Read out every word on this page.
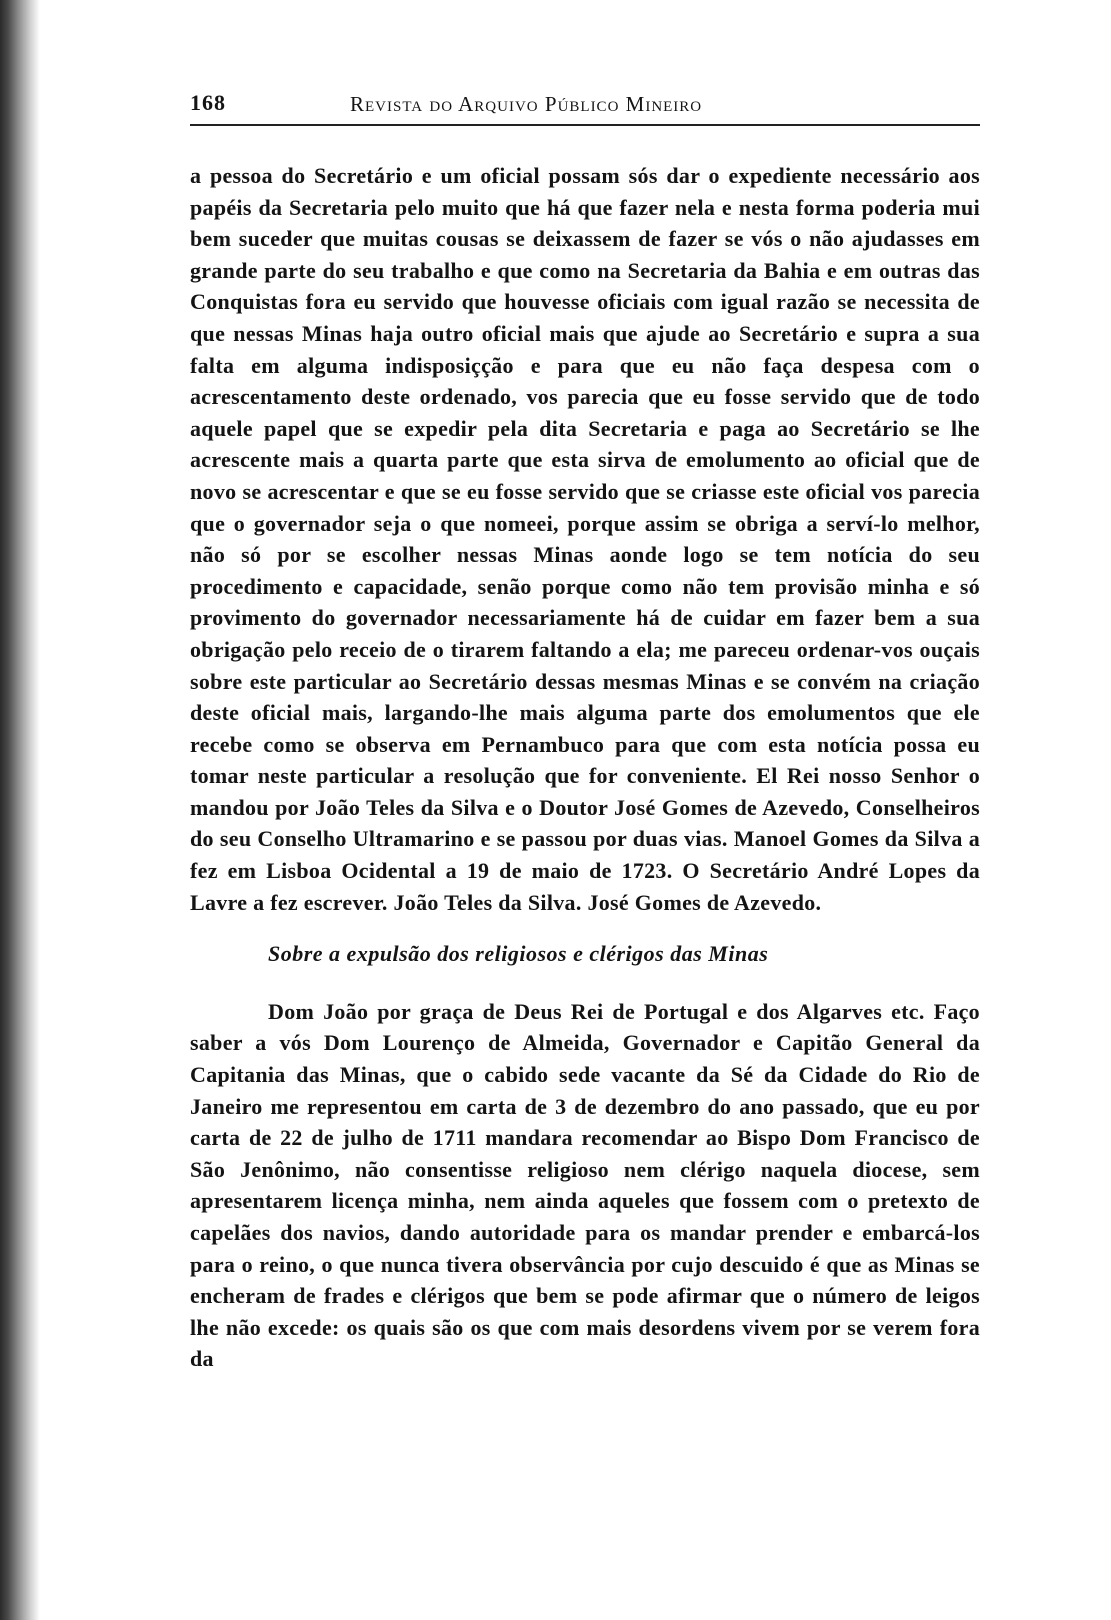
168	Revista do Arquivo Público Mineiro

a pessoa do Secretário e um oficial possam sós dar o expediente necessário aos papéis da Secretaria pelo muito que há que fazer nela e nesta forma poderia mui bem suceder que muitas cousas se deixassem de fazer se vós o não ajudasses em grande parte do seu trabalho e que como na Secretaria da Bahia e em outras das Conquistas fora eu servido que houvesse oficiais com igual razão se necessita de que nessas Minas haja outro oficial mais que ajude ao Secretário e supra a sua falta em alguma indisposiçção e para que eu não faça despesa com o acrescentamento deste ordenado, vos parecia que eu fosse servido que de todo aquele papel que se expedir pela dita Secretaria e paga ao Secretário se lhe acrescente mais a quarta parte que esta sirva de emolumento ao oficial que de novo se acrescentar e que se eu fosse servido que se criasse este oficial vos parecia que o governador seja o que nomeei, porque assim se obriga a serví-lo melhor, não só por se escolher nessas Minas aonde logo se tem notícia do seu procedimento e capacidade, senão porque como não tem provisão minha e só provimento do governador necessariamente há de cuidar em fazer bem a sua obrigação pelo receio de o tirarem faltando a ela; me pareceu ordenar-vos ouçais sobre este particular ao Secretário dessas mesmas Minas e se convém na criação deste oficial mais, largando-lhe mais alguma parte dos emolumentos que ele recebe como se observa em Pernambuco para que com esta notícia possa eu tomar neste particular a resolução que for conveniente. El Rei nosso Senhor o mandou por João Teles da Silva e o Doutor José Gomes de Azevedo, Conselheiros do seu Conselho Ultramarino e se passou por duas vias. Manoel Gomes da Silva a fez em Lisboa Ocidental a 19 de maio de 1723. O Secretário André Lopes da Lavre a fez escrever. João Teles da Silva. José Gomes de Azevedo.

Sobre a expulsão dos religiosos e clérigos das Minas

Dom João por graça de Deus Rei de Portugal e dos Algarves etc. Faço saber a vós Dom Lourenço de Almeida, Governador e Capitão General da Capitania das Minas, que o cabido sede vacante da Sé da Cidade do Rio de Janeiro me representou em carta de 3 de dezembro do ano passado, que eu por carta de 22 de julho de 1711 mandara recomendar ao Bispo Dom Francisco de São Jenônimo, não consentisse religioso nem clérigo naquela diocese, sem apresentarem licença minha, nem ainda aqueles que fossem com o pretexto de capelães dos navios, dando autoridade para os mandar prender e embarcá-los para o reino, o que nunca tivera observância por cujo descuido é que as Minas se encheram de frades e clérigos que bem se pode afirmar que o número de leigos lhe não excede: os quais são os que com mais desordens vivem por se verem fora da
